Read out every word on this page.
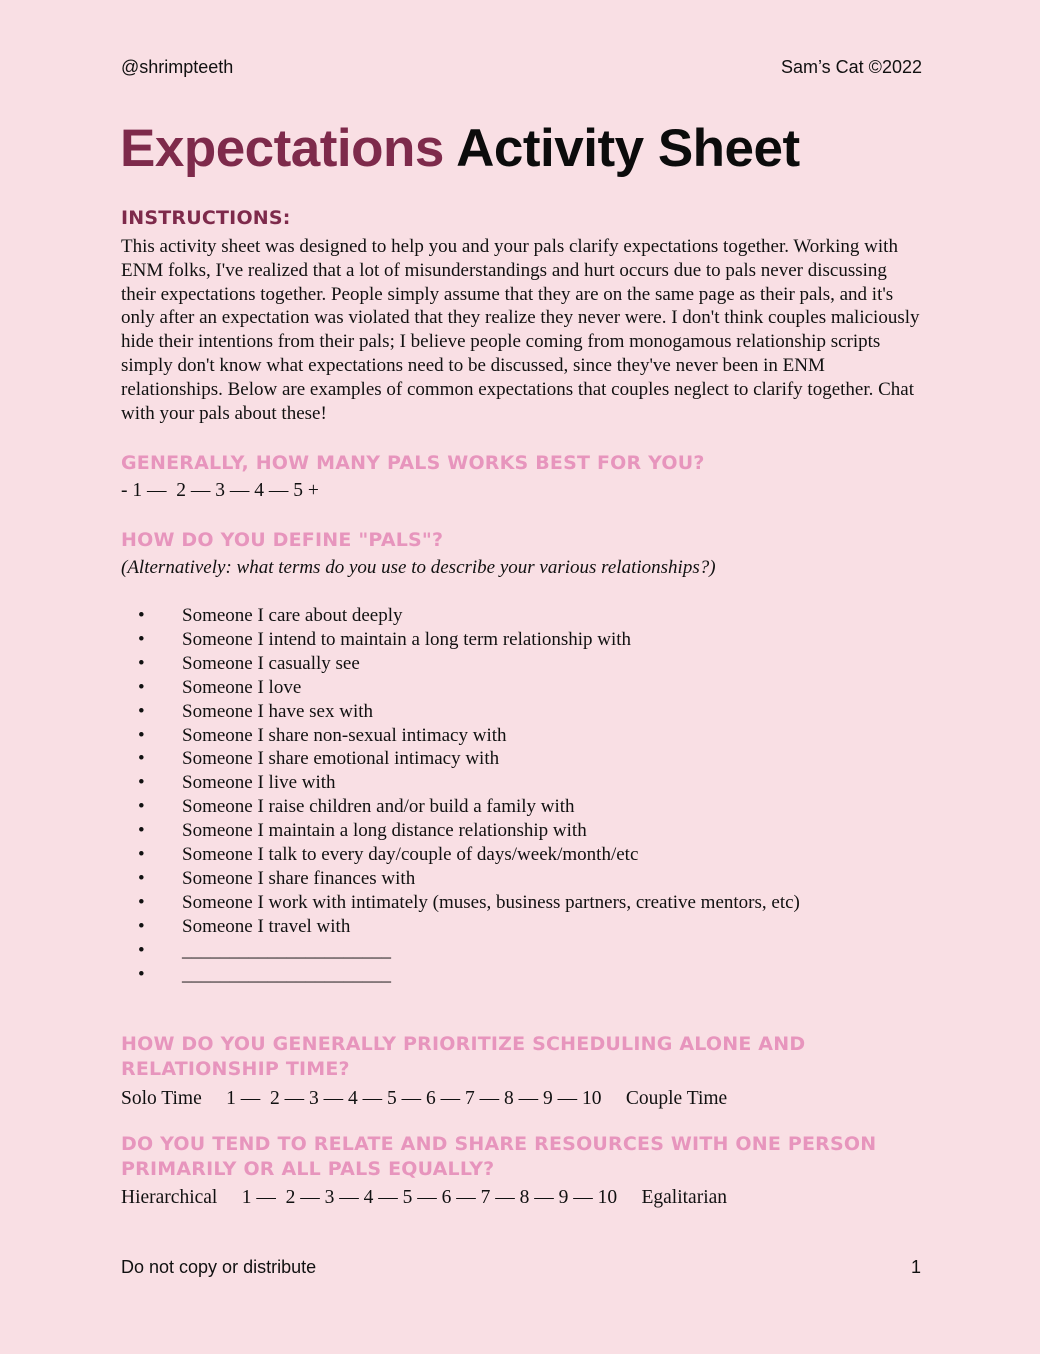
@shrimpteeth	Sam’s Cat ©2022
Expectations Activity Sheet
INSTRUCTIONS:

This activity sheet was designed to help you and your pals clarify expectations together. Working with ENM folks, I've realized that a lot of misunderstandings and hurt occurs due to pals never discussing their expectations together. People simply assume that they are on the same page as their pals, and it's only after an expectation was violated that they realize they never were. I don't think couples maliciously hide their intentions from their pals; I believe people coming from monogamous relationship scripts simply don't know what expectations need to be discussed, since they've never been in ENM relationships. Below are examples of common expectations that couples neglect to clarify together. Chat with your pals about these!

GENERALLY, HOW MANY PALS WORKS BEST FOR YOU?

- 1 —  2 — 3 — 4 — 5 +

HOW DO YOU DEFINE "PALS"?

(Alternatively: what terms do you use to describe your various relationships?)

• Someone I care about deeply
• Someone I intend to maintain a long term relationship with
• Someone I casually see
• Someone I love
• Someone I have sex with
• Someone I share non-sexual intimacy with
• Someone I share emotional intimacy with
• Someone I live with
• Someone I raise children and/or build a family with
• Someone I maintain a long distance relationship with
• Someone I talk to every day/couple of days/week/month/etc
• Someone I share finances with
• Someone I work with intimately (muses, business partners, creative mentors, etc)
• Someone I travel with
• ______________________
• ______________________
HOW DO YOU GENERALLY PRIORITIZE SCHEDULING ALONE AND RELATIONSHIP TIME?

Solo Time     1 —  2 — 3 — 4 — 5 — 6 — 7 — 8 — 9 — 10     Couple Time

DO YOU TEND TO RELATE AND SHARE RESOURCES WITH ONE PERSON PRIMARILY OR ALL PALS EQUALLY?

Hierarchical     1 —  2 — 3 — 4 — 5 — 6 — 7 — 8 — 9 — 10     Egalitarian

Do not copy or distribute	1
